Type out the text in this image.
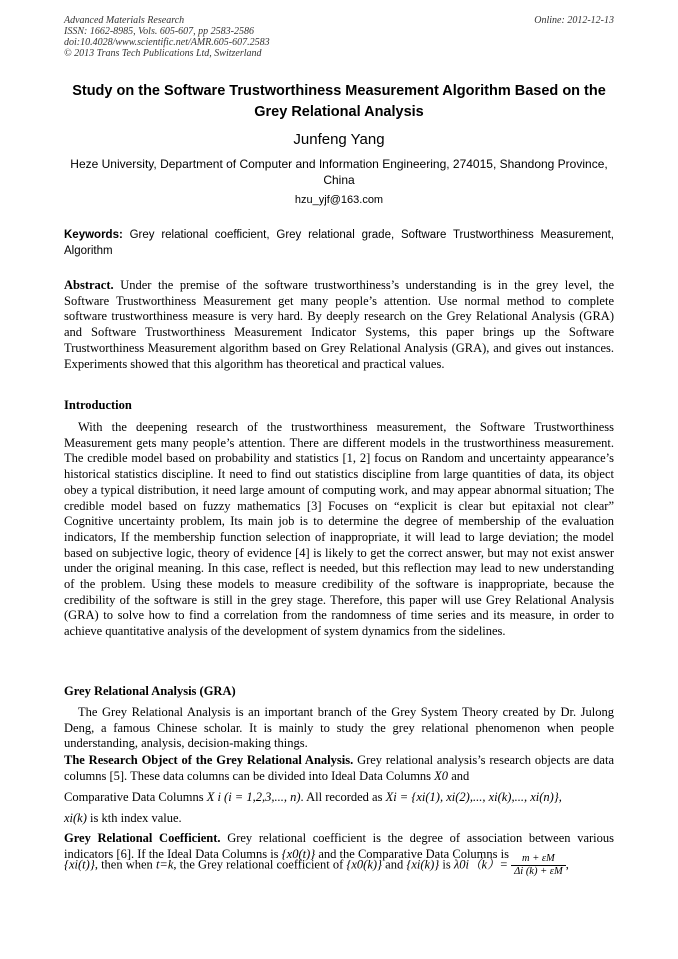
Advanced Materials Research
ISSN: 1662-8985, Vols. 605-607, pp 2583-2586
doi:10.4028/www.scientific.net/AMR.605-607.2583
© 2013 Trans Tech Publications Ltd, Switzerland
Online: 2012-12-13
Study on the Software Trustworthiness Measurement Algorithm Based on the Grey Relational Analysis
Junfeng Yang
Heze University, Department of Computer and Information Engineering, 274015, Shandong Province, China
hzu_yjf@163.com
Keywords: Grey relational coefficient, Grey relational grade, Software Trustworthiness Measurement, Algorithm
Abstract. Under the premise of the software trustworthiness’s understanding is in the grey level, the Software Trustworthiness Measurement get many people’s attention. Use normal method to complete software trustworthiness measure is very hard. By deeply research on the Grey Relational Analysis (GRA) and Software Trustworthiness Measurement Indicator Systems, this paper brings up the Software Trustworthiness Measurement algorithm based on Grey Relational Analysis (GRA), and gives out instances. Experiments showed that this algorithm has theoretical and practical values.
Introduction
With the deepening research of the trustworthiness measurement, the Software Trustworthiness Measurement gets many people’s attention. There are different models in the trustworthiness measurement. The credible model based on probability and statistics [1, 2] focus on Random and uncertainty appearance’s historical statistics discipline. It need to find out statistics discipline from large quantities of data, its object obey a typical distribution, it need large amount of computing work, and may appear abnormal situation; The credible model based on fuzzy mathematics [3] Focuses on “explicit is clear but epitaxial not clear” Cognitive uncertainty problem, Its main job is to determine the degree of membership of the evaluation indicators, If the membership function selection of inappropriate, it will lead to large deviation; the model based on subjective logic, theory of evidence [4] is likely to get the correct answer, but may not exist answer under the original meaning. In this case, reflect is needed, but this reflection may lead to new understanding of the problem. Using these models to measure credibility of the software is inappropriate, because the credibility of the software is still in the grey stage. Therefore, this paper will use Grey Relational Analysis (GRA) to solve how to find a correlation from the randomness of time series and its measure, in order to achieve quantitative analysis of the development of system dynamics from the sidelines.
Grey Relational Analysis (GRA)
The Grey Relational Analysis is an important branch of the Grey System Theory created by Dr. Julong Deng, a famous Chinese scholar. It is mainly to study the grey relational phenomenon when people understanding, analysis, decision-making things.
The Research Object of the Grey Relational Analysis. Grey relational analysis’s research objects are data columns [5]. These data columns can be divided into Ideal Data Columns X0 and
Comparative Data Columns X i (i = 1,2,3,..., n). All recorded as Xi = {xi(1), xi(2),..., xi(k),..., xi(n)},
xi(k) is kth index value.
Grey Relational Coefficient. Grey relational coefficient is the degree of association between various indicators [6]. If the Ideal Data Columns is {x0(t)} and the Comparative Data Columns is
{xi(t)}, then when t=k, the Grey relational coefficient of {x0(k)} and {xi(k)} is $\lambda 0i(k)= \frac{m + \varepsilon M}{\Delta i (k) + \varepsilon M}$ ,
